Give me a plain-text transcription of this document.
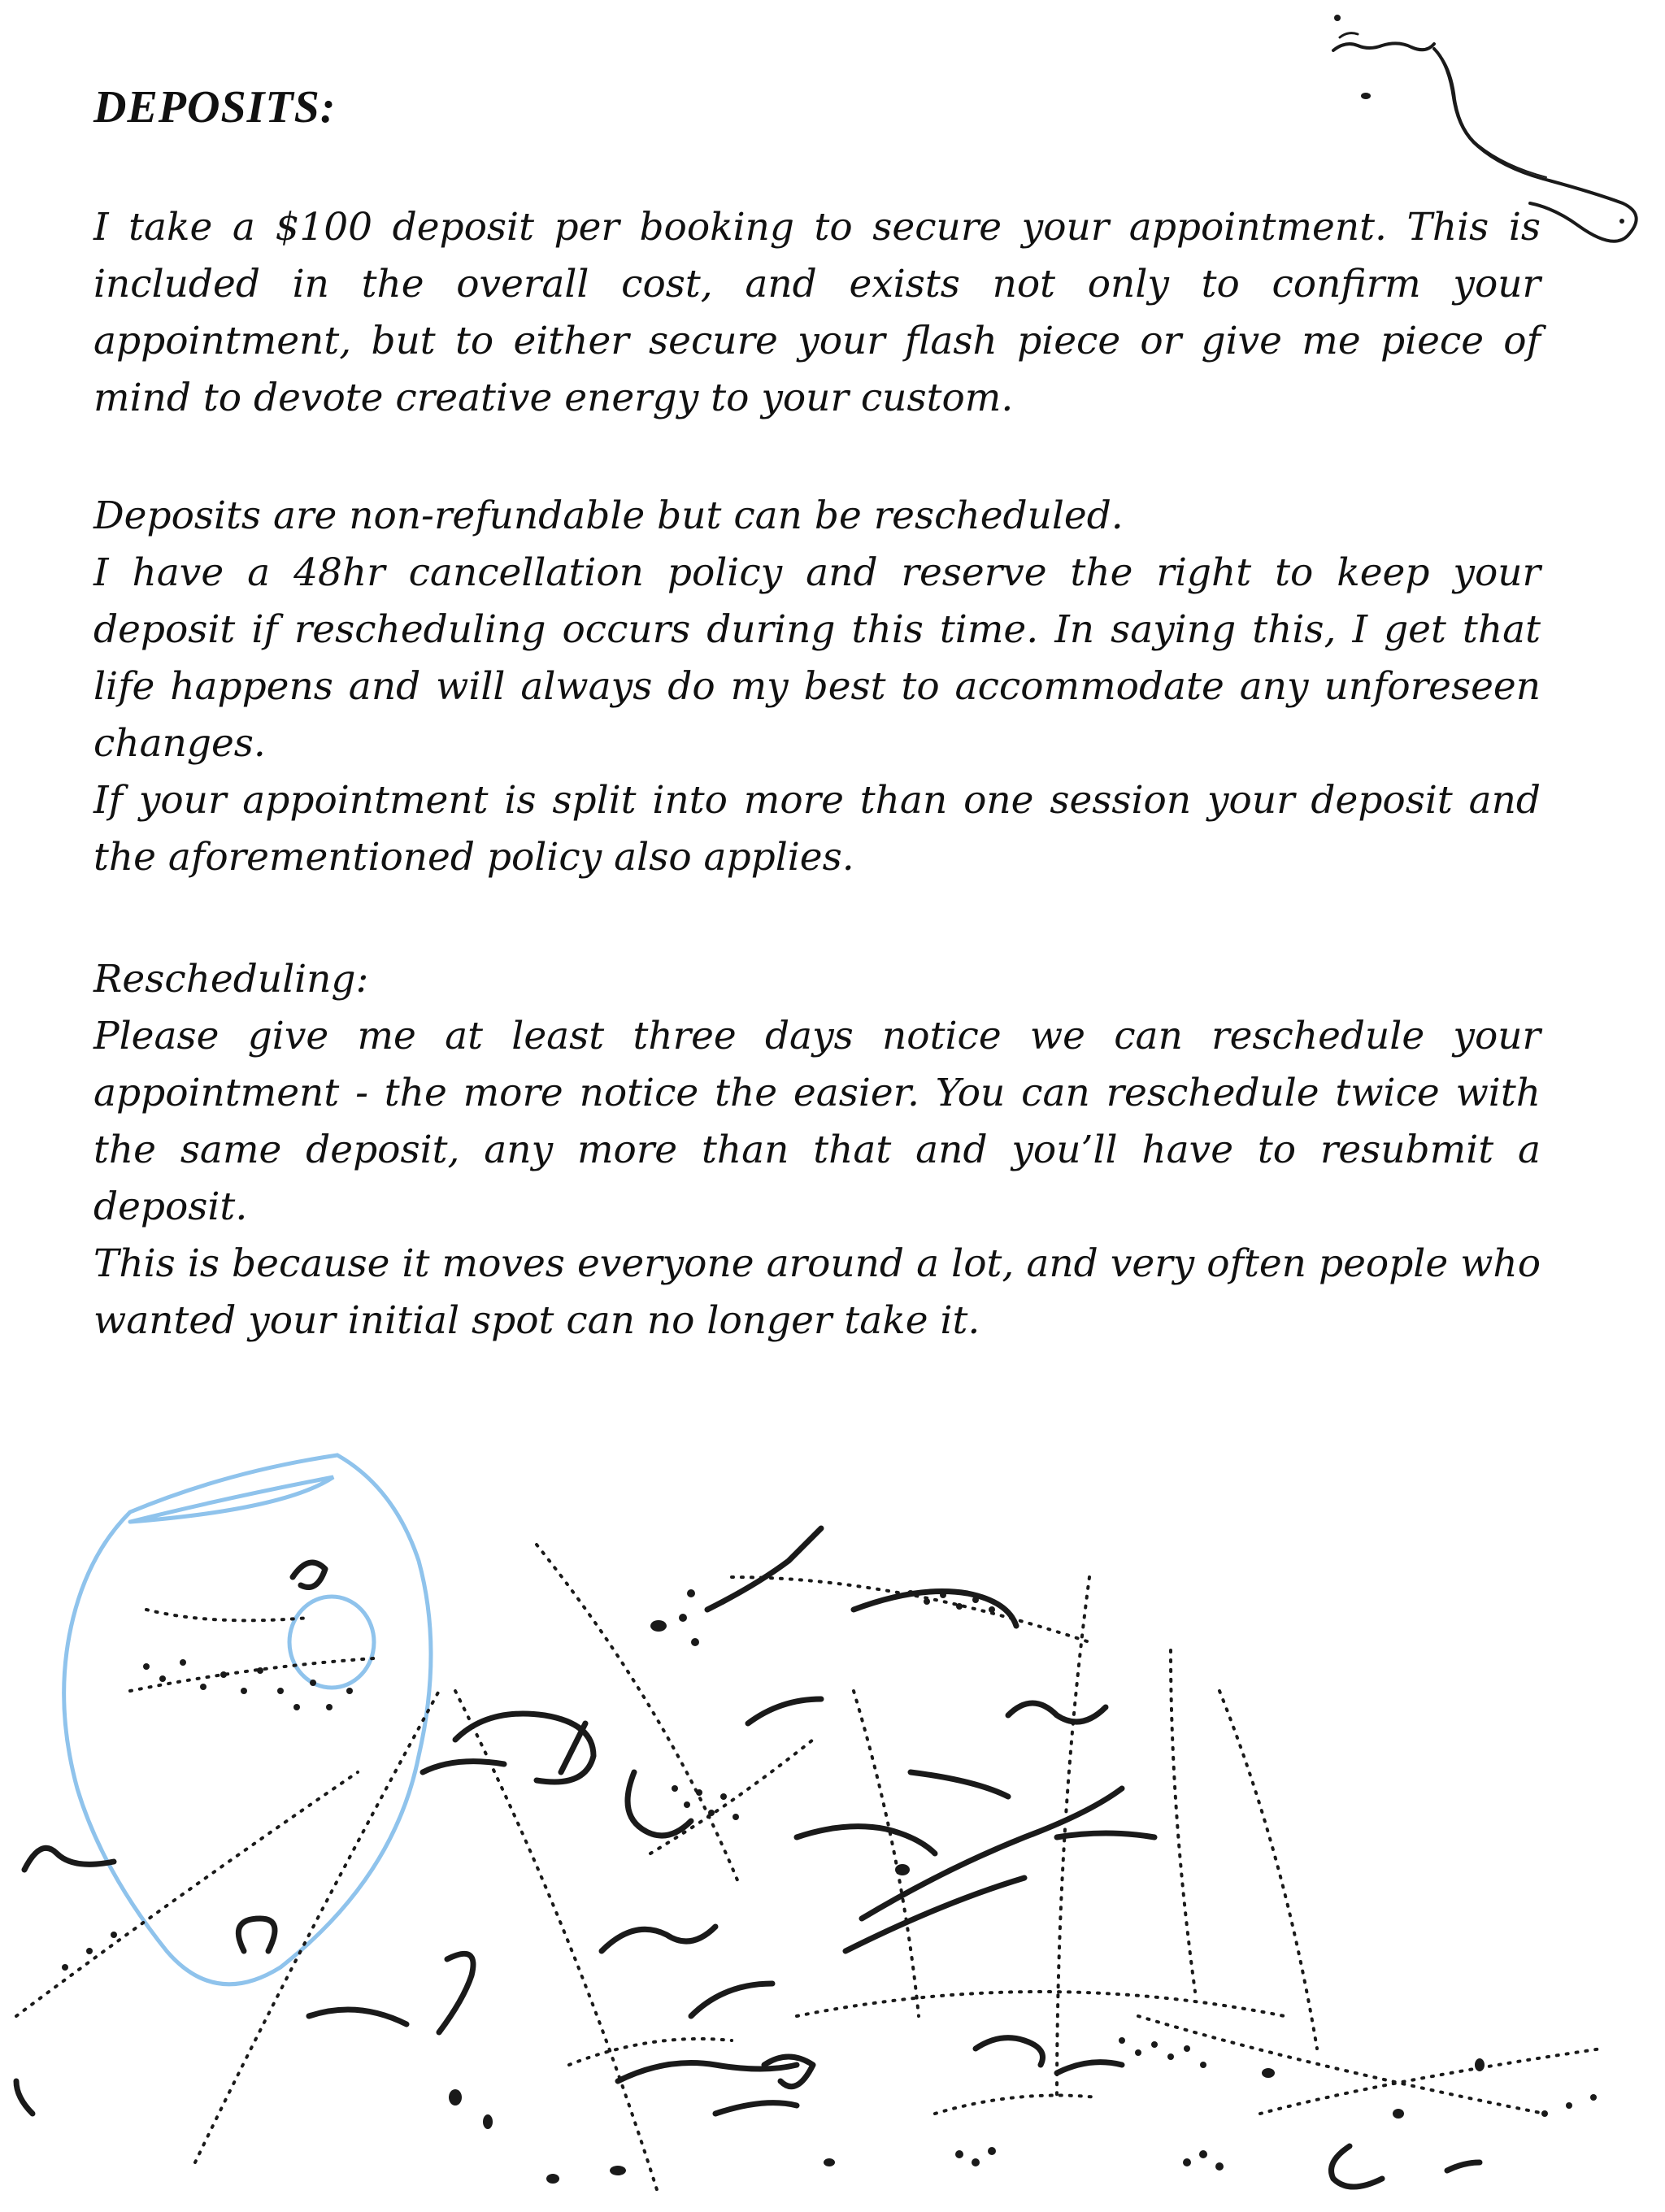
DEPOSITS:

I take a $100 deposit per booking to secure your appointment. This is included in the overall cost, and exists not only to confirm your appointment, but to either secure your flash piece or give me piece of mind to devote creative energy to your custom.

Deposits are non-refundable but can be rescheduled.

I have a 48hr cancellation policy and reserve the right to keep your deposit if rescheduling occurs during this time. In saying this, I get that life happens and will always do my best to accommodate any unforeseen changes.

If your appointment is split into more than one session your deposit and the aforementioned policy also applies.

Rescheduling:

Please give me at least three days notice we can reschedule your appointment - the more notice the easier. You can reschedule twice with the same deposit, any more than that and you’ll have to resubmit a deposit.

This is because it moves everyone around a lot, and very often people who wanted your initial spot can no longer take it.
